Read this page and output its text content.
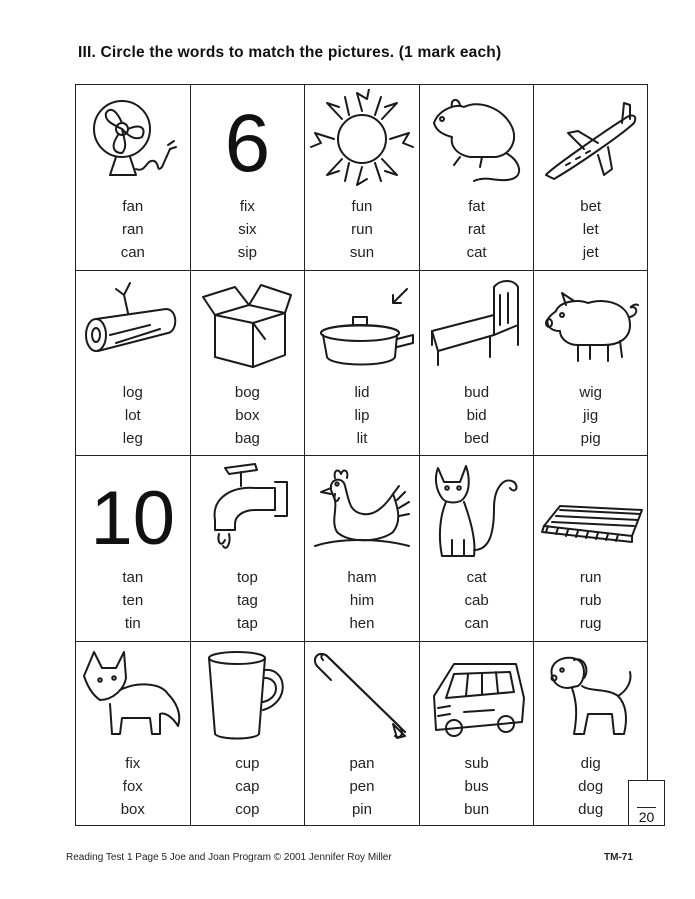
III. Circle the words to match the pictures. (1 mark each)
fan
ran
can
6
fix
six
sip
fun
run
sun
fat
rat
cat
bet
let
jet
log
lot
leg
bog
box
bag
lid
lip
lit
bud
bid
bed
wig
jig
pig
10
tan
ten
tin
top
tag
tap
ham
him
hen
cat
cab
can
run
rub
rug
fix
fox
box
cup
cap
cop
pan
pen
pin
sub
bus
bun
dig
dog
dug	20
Reading Test 1 Page 5 Joe and Joan Program © 2001 Jennifer Roy Miller	TM-71
